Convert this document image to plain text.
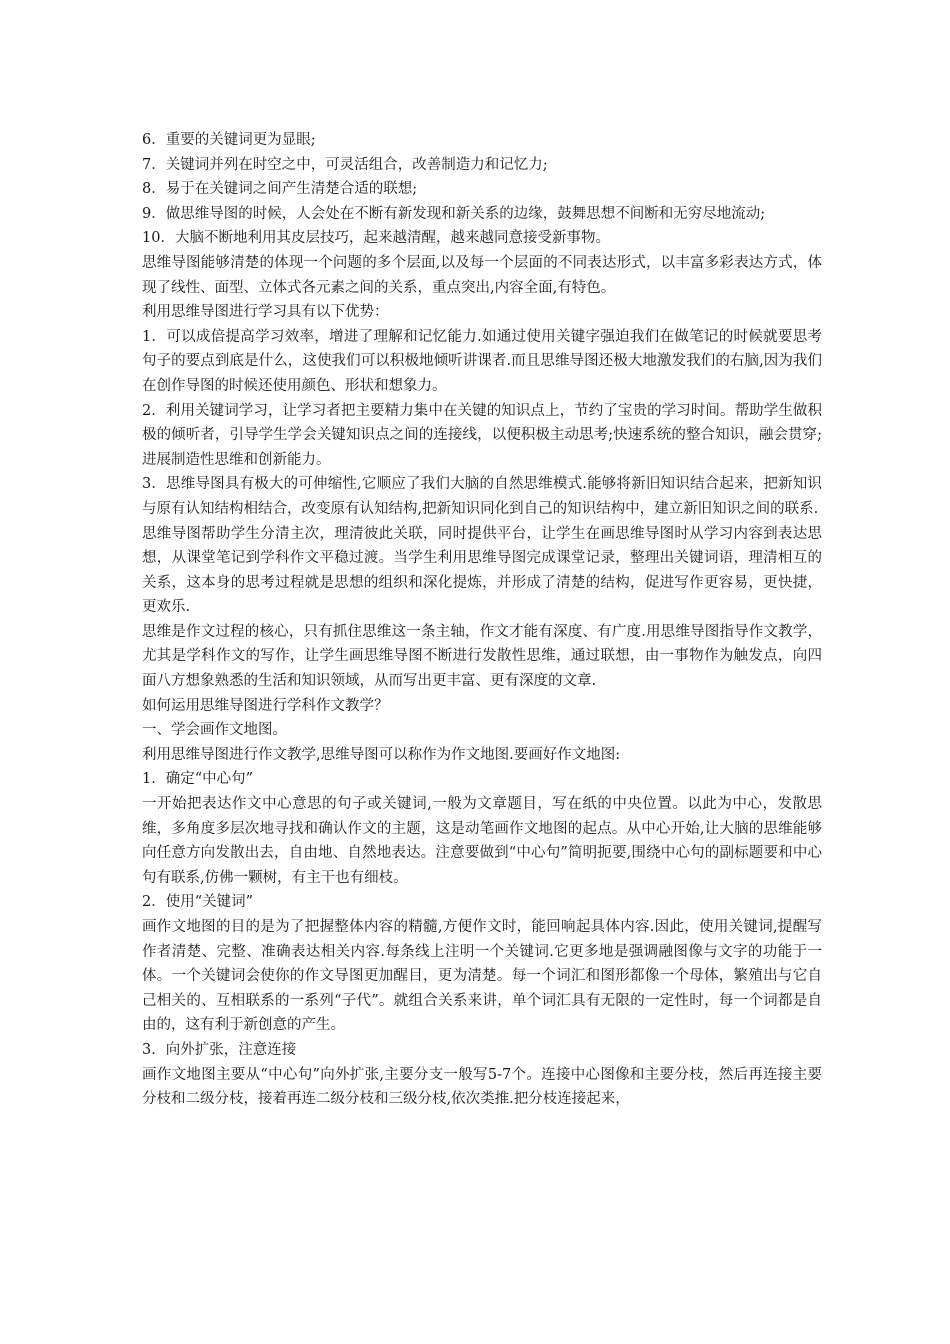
6．重要的关键词更为显眼;

7．关键词并列在时空之中，可灵活组合，改善制造力和记忆力;

8．易于在关键词之间产生清楚合适的联想;

9．做思维导图的时候，人会处在不断有新发现和新关系的边缘，鼓舞思想不间断和无穷尽地流动;

10．大脑不断地利用其皮层技巧，起来越清醒，越来越同意接受新事物。

思维导图能够清楚的体现一个问题的多个层面,以及每一个层面的不同表达形式，以丰富多彩表达方式，体现了线性、面型、立体式各元素之间的关系，重点突出,内容全面,有特色。

利用思维导图进行学习具有以下优势：

1．可以成倍提高学习效率，增进了理解和记忆能力.如通过使用关键字强迫我们在做笔记的时候就要思考句子的要点到底是什么，这使我们可以积极地倾听讲课者.而且思维导图还极大地激发我们的右脑,因为我们在创作导图的时候还使用颜色、形状和想象力。

2．利用关键词学习，让学习者把主要精力集中在关键的知识点上，节约了宝贵的学习时间。帮助学生做积极的倾听者，引导学生学会关键知识点之间的连接线，以便积极主动思考;快速系统的整合知识，融会贯穿;进展制造性思维和创新能力。

3．思维导图具有极大的可伸缩性,它顺应了我们大脑的自然思维模式.能够将新旧知识结合起来，把新知识与原有认知结构相结合，改变原有认知结构,把新知识同化到自己的知识结构中，建立新旧知识之间的联系.

思维导图帮助学生分清主次，理清彼此关联，同时提供平台，让学生在画思维导图时从学习内容到表达思想，从课堂笔记到学科作文平稳过渡。当学生利用思维导图完成课堂记录，整理出关键词语，理清相互的关系，这本身的思考过程就是思想的组织和深化提炼，并形成了清楚的结构，促进写作更容易，更快捷，更欢乐.

思维是作文过程的核心，只有抓住思维这一条主轴，作文才能有深度、有广度.用思维导图指导作文教学，尤其是学科作文的写作，让学生画思维导图不断进行发散性思维，通过联想，由一事物作为触发点，向四面八方想象熟悉的生活和知识领域，从而写出更丰富、更有深度的文章.

如何运用思维导图进行学科作文教学？

一、学会画作文地图。

利用思维导图进行作文教学,思维导图可以称作为作文地图.要画好作文地图:

1．确定“中心句”

一开始把表达作文中心意思的句子或关键词,一般为文章题目，写在纸的中央位置。以此为中心，发散思维，多角度多层次地寻找和确认作文的主题，这是动笔画作文地图的起点。从中心开始,让大脑的思维能够向任意方向发散出去，自由地、自然地表达。注意要做到“中心句”简明扼要,围绕中心句的副标题要和中心句有联系,仿佛一颗树，有主干也有细枝。

2．使用“关键词”

画作文地图的目的是为了把握整体内容的精髓,方便作文时，能回响起具体内容.因此，使用关键词,提醒写作者清楚、完整、准确表达相关内容.每条线上注明一个关键词.它更多地是强调融图像与文字的功能于一体。一个关键词会使你的作文导图更加醒目，更为清楚。每一个词汇和图形都像一个母体，繁殖出与它自己相关的、互相联系的一系列“子代”。就组合关系来讲，单个词汇具有无限的一定性时，每一个词都是自由的，这有利于新创意的产生。

3．向外扩张，注意连接

画作文地图主要从“中心句”向外扩张,主要分支一般写5-7个。连接中心图像和主要分枝，然后再连接主要分枝和二级分枝，接着再连二级分枝和三级分枝,依次类推.把分枝连接起来，
